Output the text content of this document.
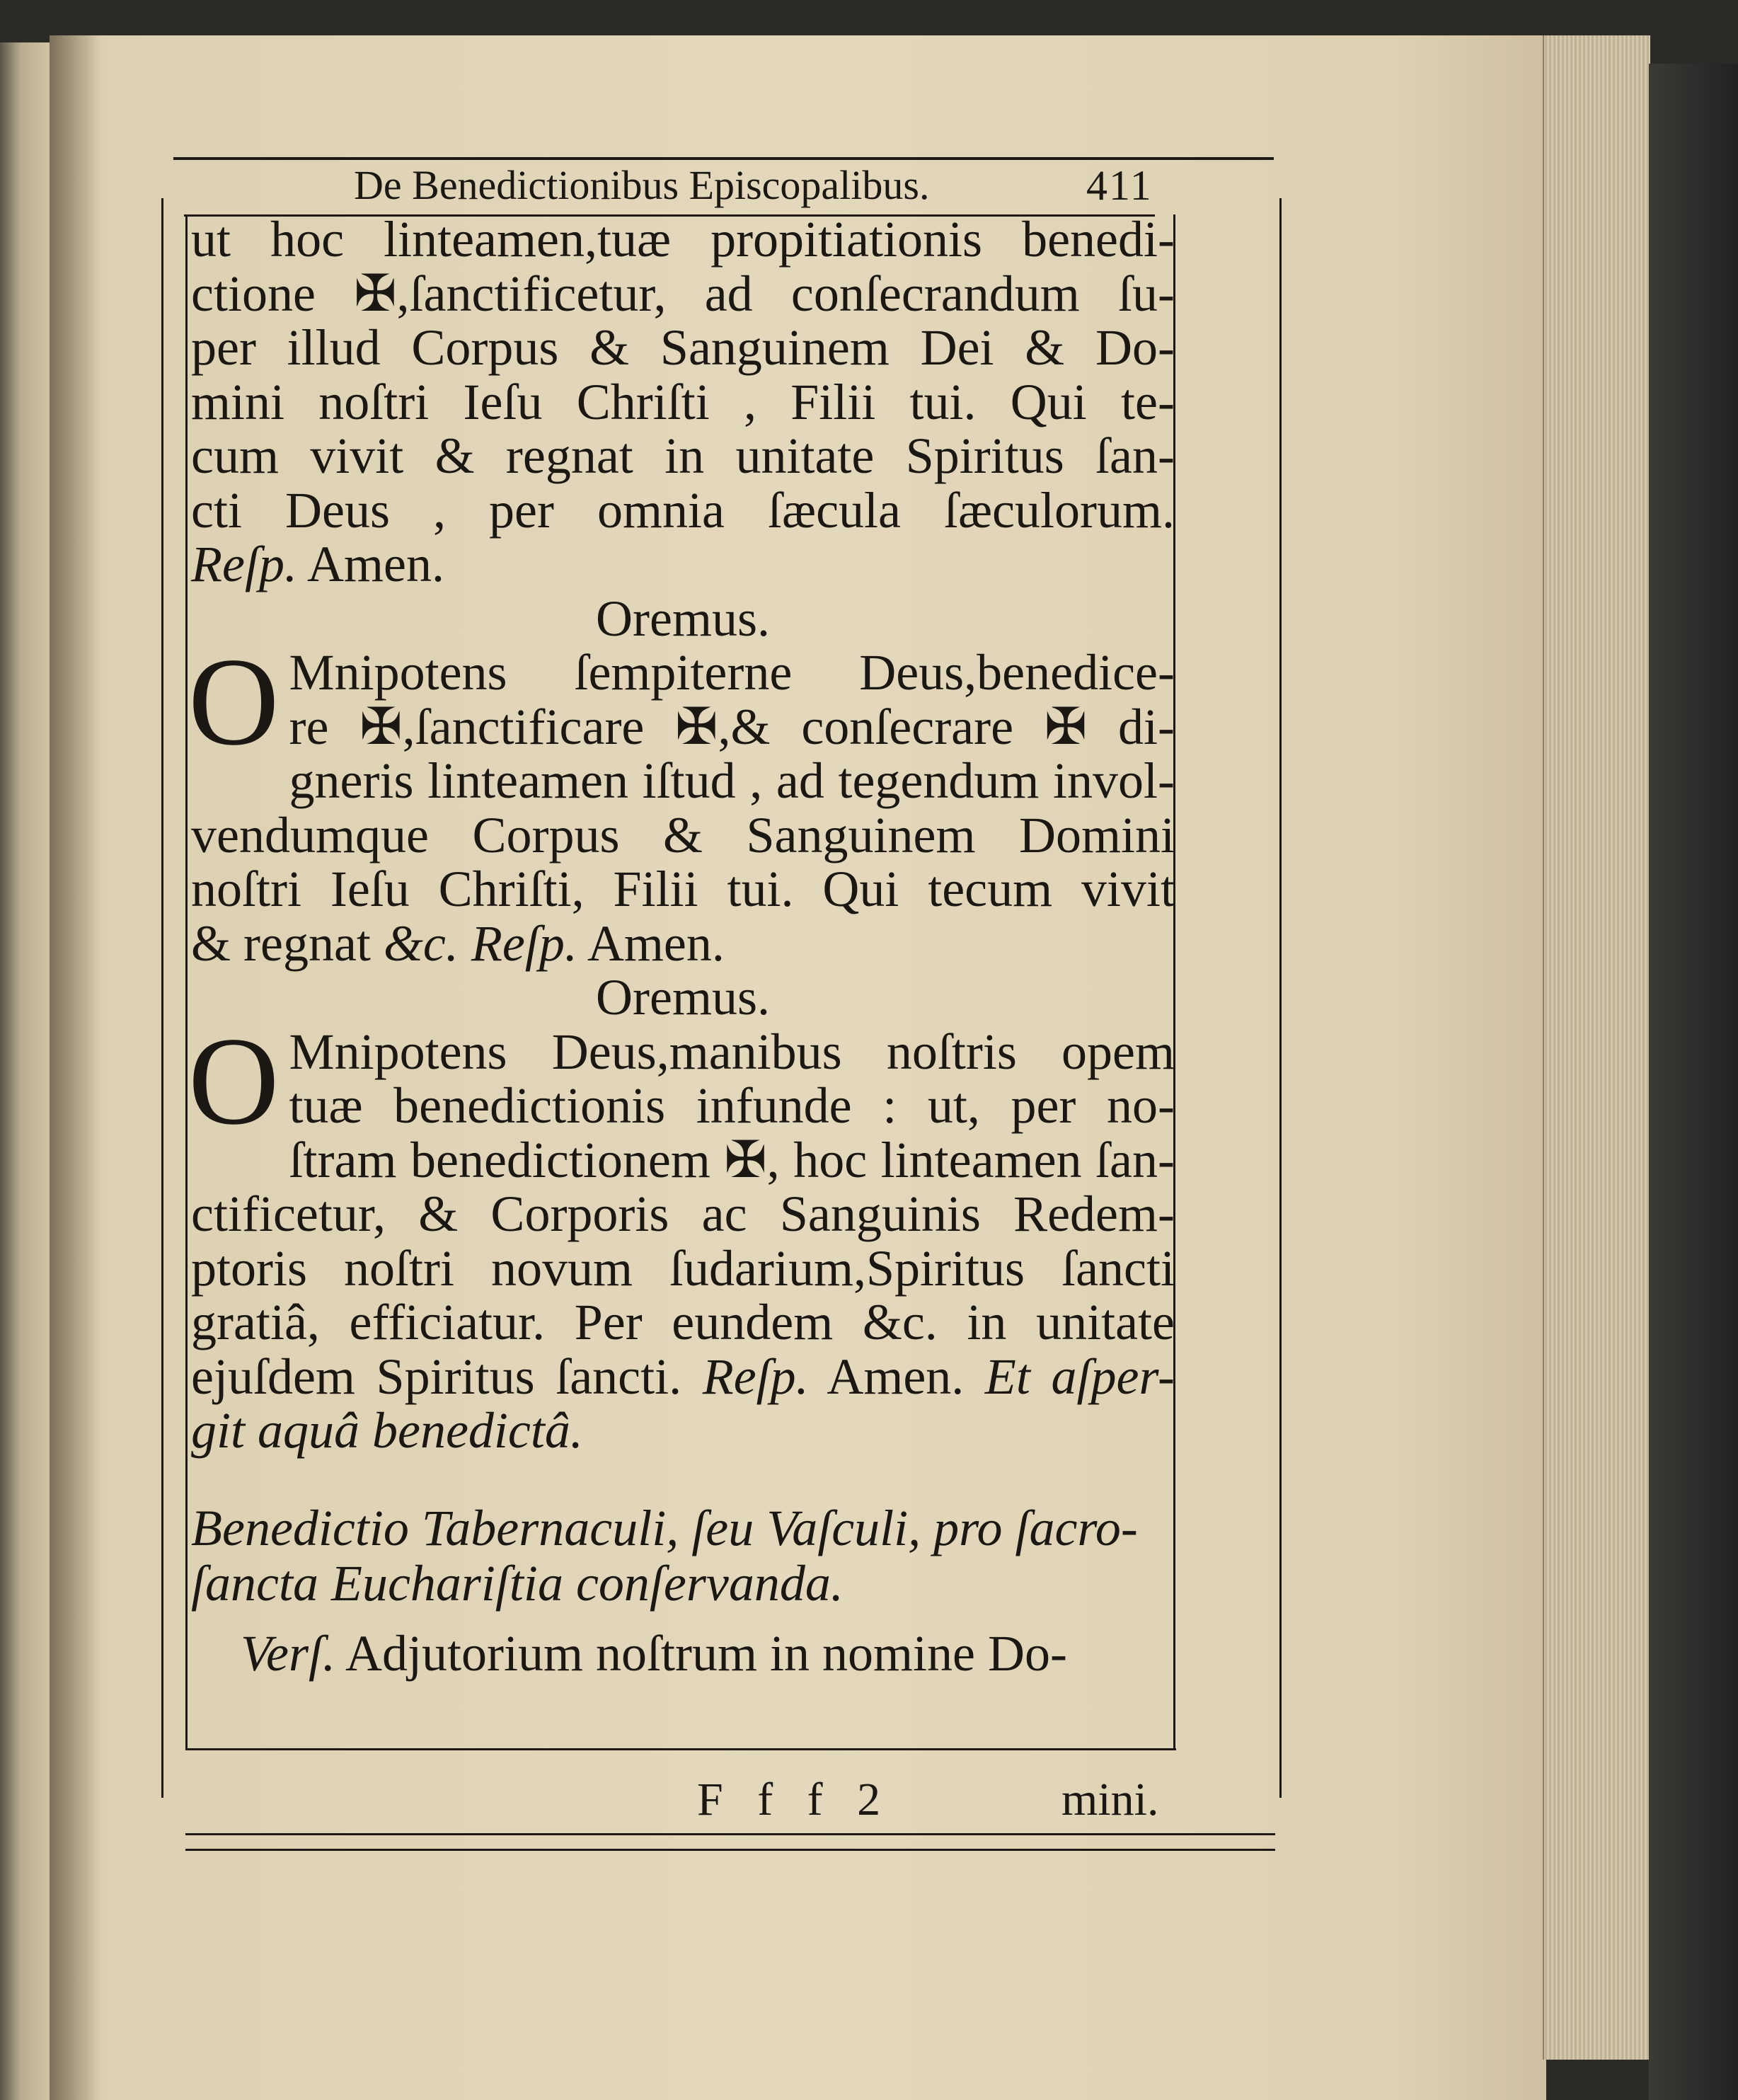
De Benedictionibus Episcopalibus.	411
ut hoc linteamen,tuæ propitiationis benedi-
ctione ✠,ſanctificetur, ad conſecrandum ſu-
per illud Corpus & Sanguinem Dei & Do-
mini noſtri Ieſu Chriſti , Filii tui. Qui te-
cum vivit & regnat in unitate Spiritus ſan-
cti Deus , per omnia ſæcula ſæculorum.
Reſp. Amen.

Oremus.

O Mnipotens ſempiterne Deus,benedice-
re ✠,ſanctificare ✠,& conſecrare ✠ di-
gneris linteamen iſtud , ad tegendum invol-
vendumque Corpus & Sanguinem Domini
noſtri Ieſu Chriſti, Filii tui. Qui tecum vivit
& regnat &c. Reſp. Amen.

Oremus.

O Mnipotens Deus,manibus noſtris opem
tuæ benedictionis infunde : ut, per no-
ſtram benedictionem ✠, hoc linteamen ſan-
ctificetur, & Corporis ac Sanguinis Redem-
ptoris noſtri novum ſudarium,Spiritus ſancti
gratiâ, efficiatur. Per eundem &c. in unitate
ejuſdem Spiritus ſancti. Reſp. Amen. Et aſper-
git aquâ benedictâ.

Benedictio Tabernaculi, ſeu Vaſculi, pro ſacro-

ſancta Euchariſtia conſervanda.

Verſ. Adjutorium noſtrum in nomine Do-
F f f 2	mini.
